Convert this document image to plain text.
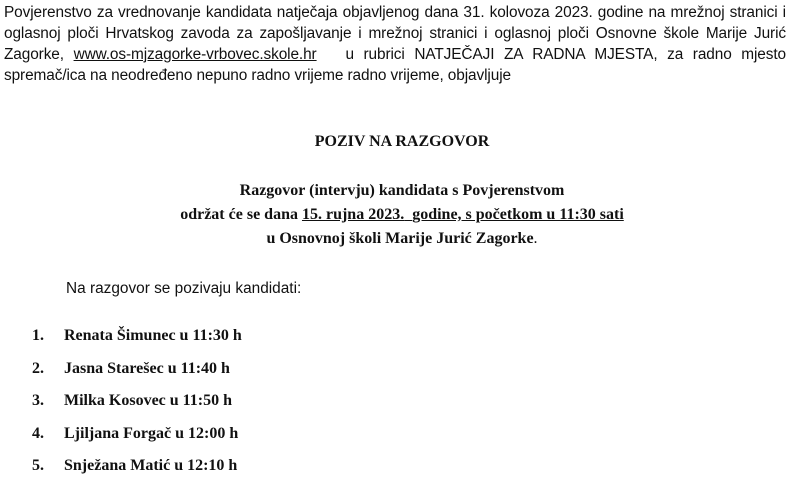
Povjerenstvo za vrednovanje kandidata natječaja objavljenog dana 31. kolovoza 2023. godine na mrežnoj stranici i oglasnoj ploči Hrvatskog zavoda za zapošljavanje i mrežnoj stranici i oglasnoj ploči Osnovne škole Marije Jurić Zagorke, www.os-mjzagorke-vrbovec.skole.hr u rubrici NATJEČAJI ZA RADNA MJESTA, za radno mjesto spremač/ica na neodređeno nepuno radno vrijeme radno vrijeme, objavljuje
POZIV NA RAZGOVOR
Razgovor (intervju) kandidata s Povjerenstvom
održat će se dana 15. rujna 2023. godine, s početkom u 11:30 sati
u Osnovnoj školi Marije Jurić Zagorke.
Na razgovor se pozivaju kandidati:
1. Renata Šimunec u 11:30 h
2. Jasna Starešec u 11:40 h
3. Milka Kosovec u 11:50 h
4. Ljiljana Forgač u 12:00 h
5. Snježana Matić u 12:10 h
